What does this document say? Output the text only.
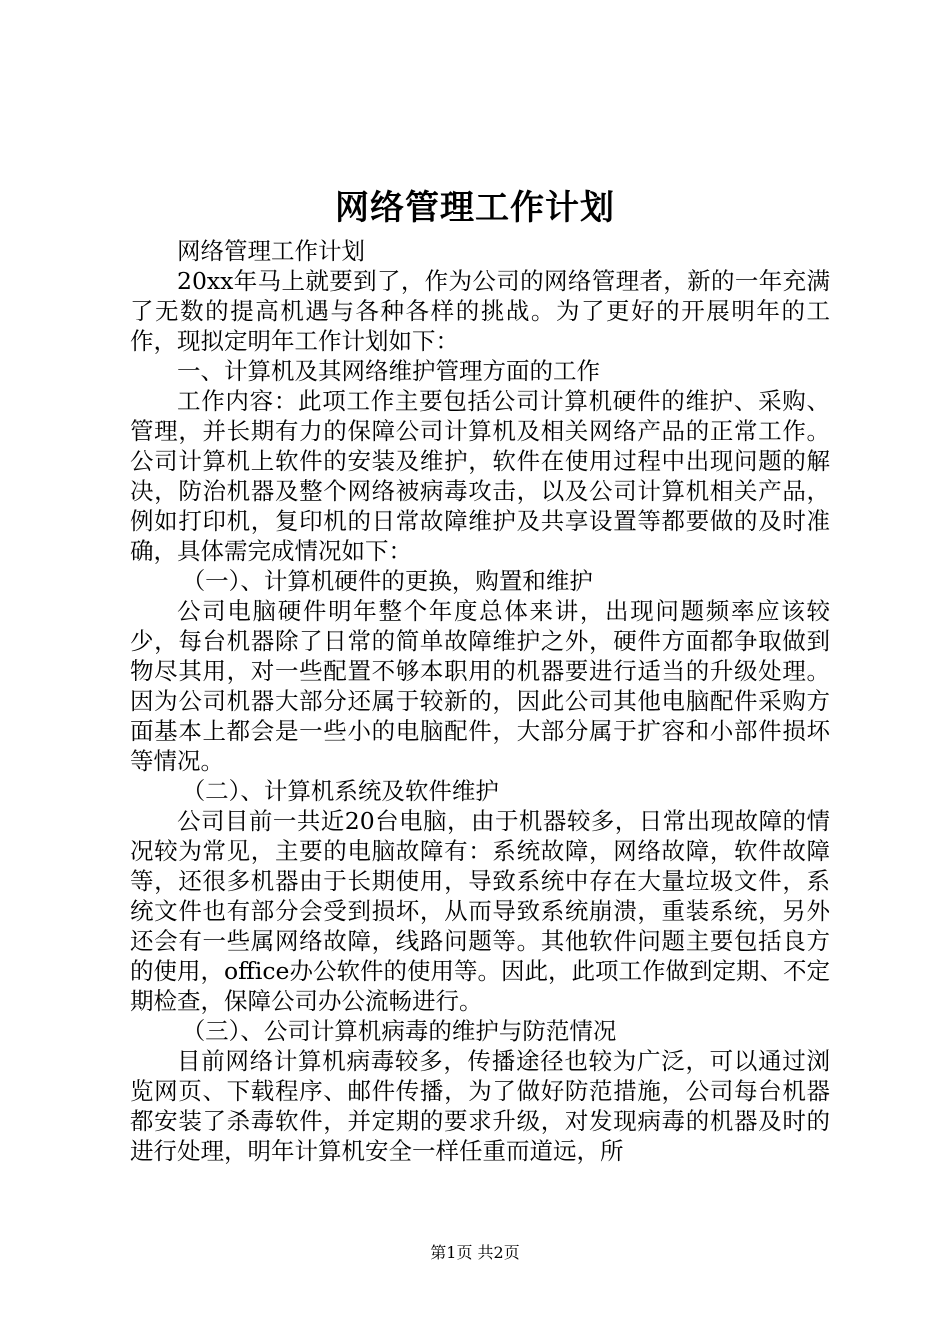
网络管理工作计划

网络管理工作计划

20xx年马上就要到了，作为公司的网络管理者，新的一年充满了无数的提高机遇与各种各样的挑战。为了更好的开展明年的工作，现拟定明年工作计划如下：

一、计算机及其网络维护管理方面的工作

工作内容：此项工作主要包括公司计算机硬件的维护、采购、管理，并长期有力的保障公司计算机及相关网络产品的正常工作。公司计算机上软件的安装及维护，软件在使用过程中出现问题的解决，防治机器及整个网络被病毒攻击，以及公司计算机相关产品，例如打印机，复印机的日常故障维护及共享设置等都要做的及时准确，具体需完成情况如下：

（一）、计算机硬件的更换，购置和维护

公司电脑硬件明年整个年度总体来讲，出现问题频率应该较少，每台机器除了日常的简单故障维护之外，硬件方面都争取做到物尽其用，对一些配置不够本职用的机器要进行适当的升级处理。因为公司机器大部分还属于较新的，因此公司其他电脑配件采购方面基本上都会是一些小的电脑配件，大部分属于扩容和小部件损坏等情况。

（二）、计算机系统及软件维护

公司目前一共近20台电脑，由于机器较多，日常出现故障的情况较为常见，主要的电脑故障有：系统故障，网络故障，软件故障等，还很多机器由于长期使用，导致系统中存在大量垃圾文件，系统文件也有部分会受到损坏，从而导致系统崩溃，重装系统，另外还会有一些属网络故障，线路问题等。其他软件问题主要包括良方的使用，office办公软件的使用等。因此，此项工作做到定期、不定期检查，保障公司办公流畅进行。

（三）、公司计算机病毒的维护与防范情况

目前网络计算机病毒较多，传播途径也较为广泛，可以通过浏览网页、下载程序、邮件传播，为了做好防范措施，公司每台机器都安装了杀毒软件，并定期的要求升级，对发现病毒的机器及时的进行处理，明年计算机安全一样任重而道远，所

第1页 共2页
